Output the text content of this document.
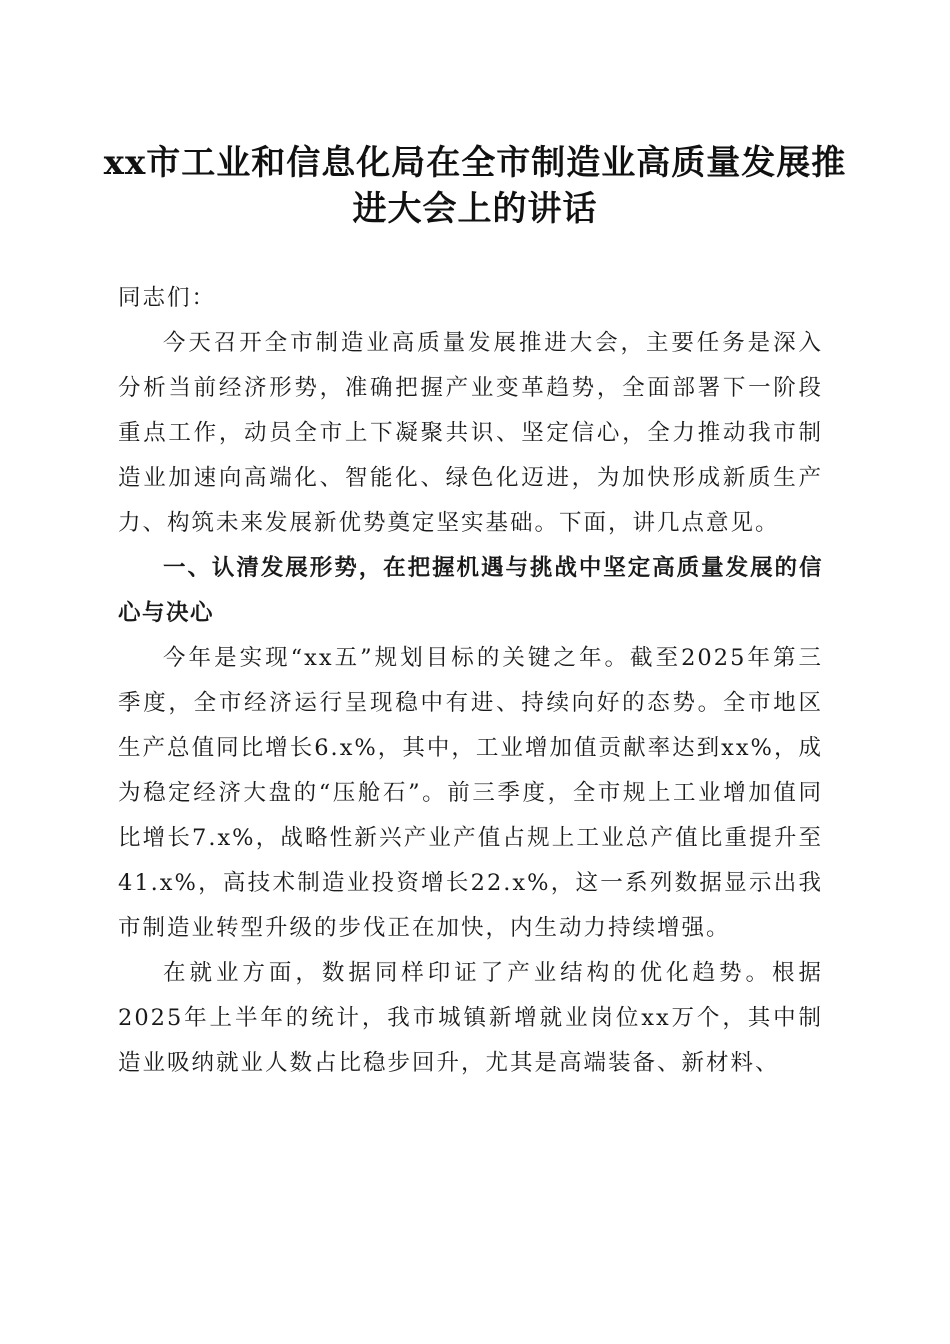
xx市工业和信息化局在全市制造业高质量发展推进大会上的讲话

同志们：

今天召开全市制造业高质量发展推进大会，主要任务是深入分析当前经济形势，准确把握产业变革趋势，全面部署下一阶段重点工作，动员全市上下凝聚共识、坚定信心，全力推动我市制造业加速向高端化、智能化、绿色化迈进，为加快形成新质生产力、构筑未来发展新优势奠定坚实基础。下面，讲几点意见。

一、认清发展形势，在把握机遇与挑战中坚定高质量发展的信心与决心

今年是实现“xx五”规划目标的关键之年。截至2025年第三季度，全市经济运行呈现稳中有进、持续向好的态势。全市地区生产总值同比增长6.x%，其中，工业增加值贡献率达到xx%，成为稳定经济大盘的“压舱石”。前三季度，全市规上工业增加值同比增长7.x%，战略性新兴产业产值占规上工业总产值比重提升至41.x%，高技术制造业投资增长22.x%，这一系列数据显示出我市制造业转型升级的步伐正在加快，内生动力持续增强。

在就业方面，数据同样印证了产业结构的优化趋势。根据2025年上半年的统计，我市城镇新增就业岗位xx万个，其中制造业吸纳就业人数占比稳步回升，尤其是高端装备、新材料、
